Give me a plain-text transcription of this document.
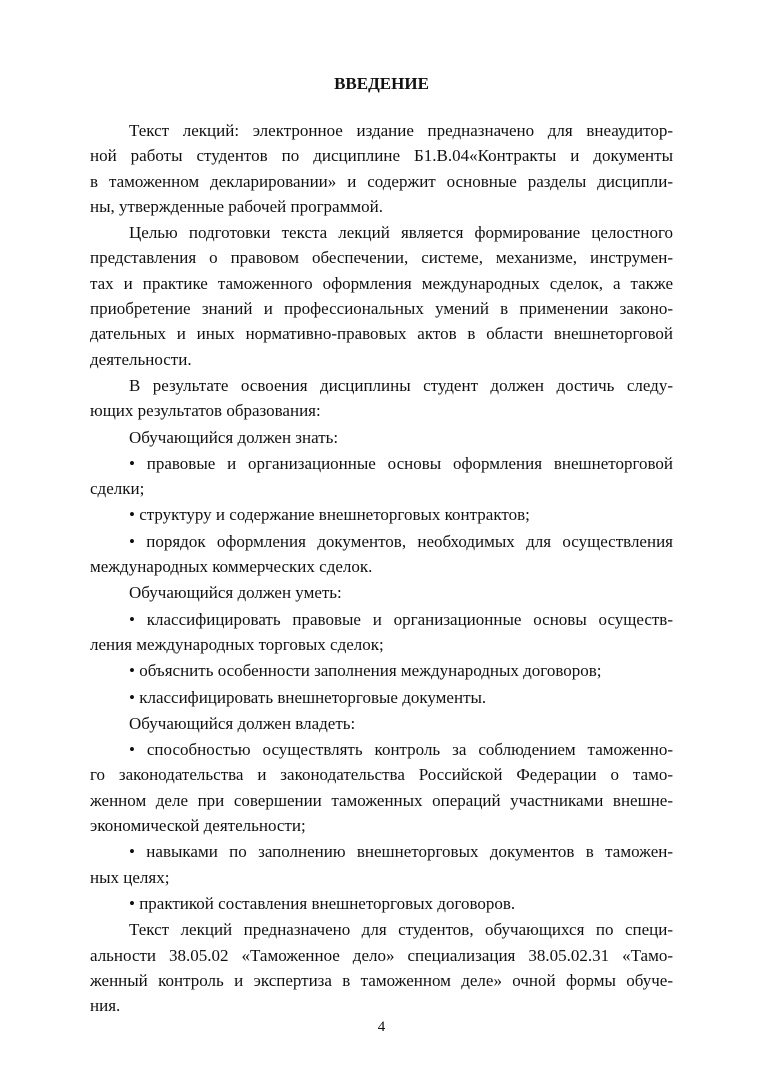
ВВЕДЕНИЕ
Текст лекций: электронное издание предназначено для внеаудитор-
ной работы студентов по дисциплине Б1.В.04«Контракты и документы
в таможенном декларировании» и содержит основные разделы дисципли-
ны, утвержденные рабочей программой.
Целью подготовки текста лекций является формирование целостного
представления о правовом обеспечении, системе, механизме, инструмен-
тах и практике таможенного оформления международных сделок, а также
приобретение знаний и профессиональных умений в применении законо-
дательных и иных нормативно-правовых актов в области внешнеторговой
деятельности.
В результате освоения дисциплины студент должен достичь следу-
ющих результатов образования:
Обучающийся должен знать:
• правовые и организационные основы оформления внешнеторговой
сделки;
• структуру и содержание внешнеторговых контрактов;
• порядок оформления документов, необходимых для осуществления
международных коммерческих сделок.
Обучающийся должен уметь:
• классифицировать правовые и организационные основы осуществ-
ления международных торговых сделок;
• объяснить особенности заполнения международных договоров;
• классифицировать внешнеторговые документы.
Обучающийся должен владеть:
• способностью осуществлять контроль за соблюдением таможенно-
го законодательства и законодательства Российской Федерации о тамо-
женном деле при совершении таможенных операций участниками внешне-
экономической деятельности;
• навыками по заполнению внешнеторговых документов в таможен-
ных целях;
• практикой составления внешнеторговых договоров.
Текст лекций предназначено для студентов, обучающихся по специ-
альности 38.05.02 «Таможенное дело» специализация 38.05.02.31 «Тамо-
женный контроль и экспертиза в таможенном деле» очной формы обуче-
ния.
4
